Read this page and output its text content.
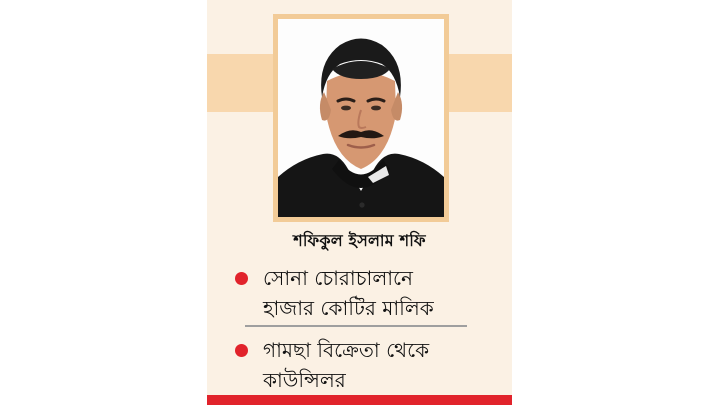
শফিকুল ইসলাম শফি
সোনা চোরাচালানে
হাজার কোটির মালিক
গামছা বিক্রেতা থেকে
কাউন্সিলর
